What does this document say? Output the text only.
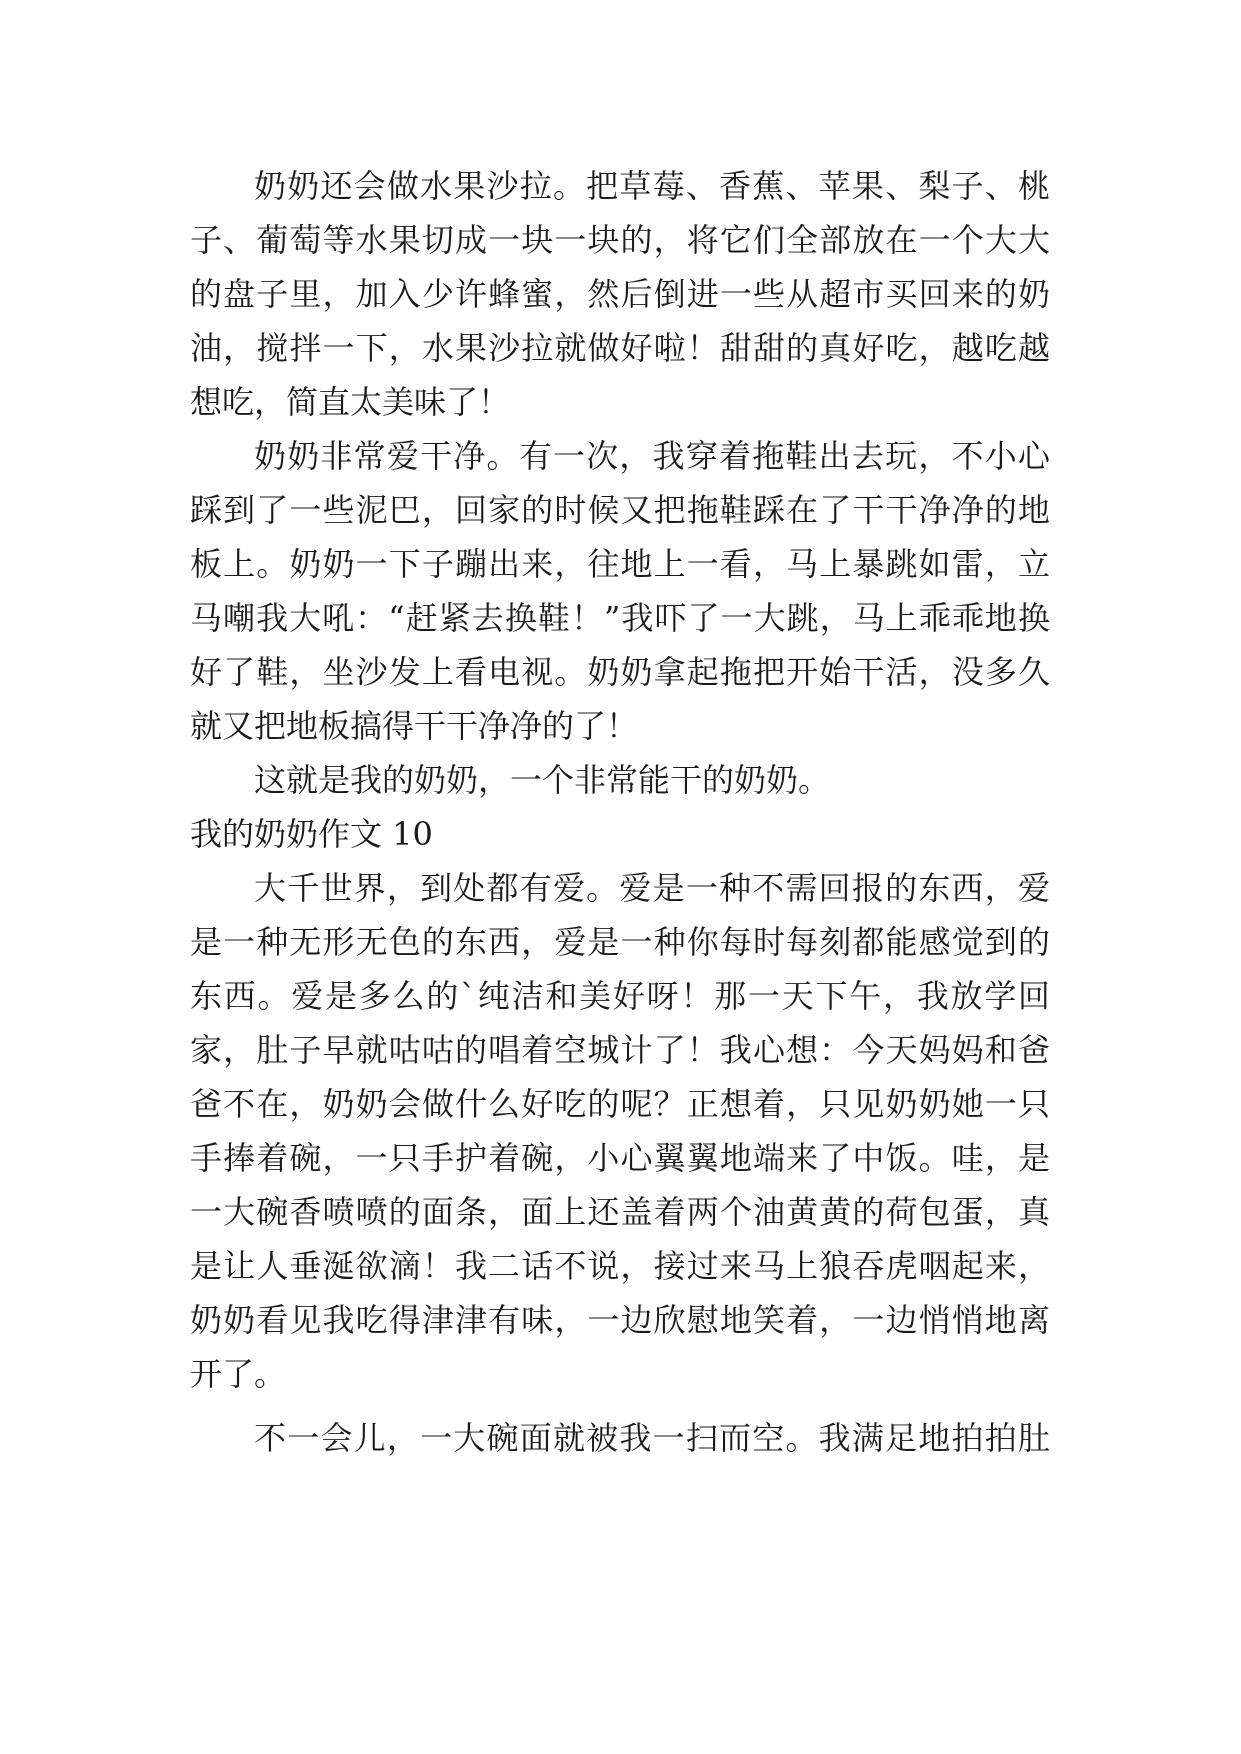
奶奶还会做水果沙拉。把草莓、香蕉、苹果、梨子、桃
子、葡萄等水果切成一块一块的，将它们全部放在一个大大
的盘子里，加入少许蜂蜜，然后倒进一些从超市买回来的奶
油，搅拌一下，水果沙拉就做好啦！甜甜的真好吃，越吃越
想吃，简直太美味了！
奶奶非常爱干净。有一次，我穿着拖鞋出去玩，不小心
踩到了一些泥巴，回家的时候又把拖鞋踩在了干干净净的地
板上。奶奶一下子蹦出来，往地上一看，马上暴跳如雷，立
马嘲我大吼：“赶紧去换鞋！”我吓了一大跳，马上乖乖地换
好了鞋，坐沙发上看电视。奶奶拿起拖把开始干活，没多久
就又把地板搞得干干净净的了！
这就是我的奶奶，一个非常能干的奶奶。
我的奶奶作文 10
大千世界，到处都有爱。爱是一种不需回报的东西，爱
是一种无形无色的东西，爱是一种你每时每刻都能感觉到的
东西。爱是多么的`纯洁和美好呀！那一天下午，我放学回
家，肚子早就咕咕的唱着空城计了！我心想：今天妈妈和爸
爸不在，奶奶会做什么好吃的呢？正想着，只见奶奶她一只
手捧着碗，一只手护着碗，小心翼翼地端来了中饭。哇，是
一大碗香喷喷的面条，面上还盖着两个油黄黄的荷包蛋，真
是让人垂涎欲滴！我二话不说，接过来马上狼吞虎咽起来，
奶奶看见我吃得津津有味，一边欣慰地笑着，一边悄悄地离
开了。
不一会儿，一大碗面就被我一扫而空。我满足地拍拍肚
